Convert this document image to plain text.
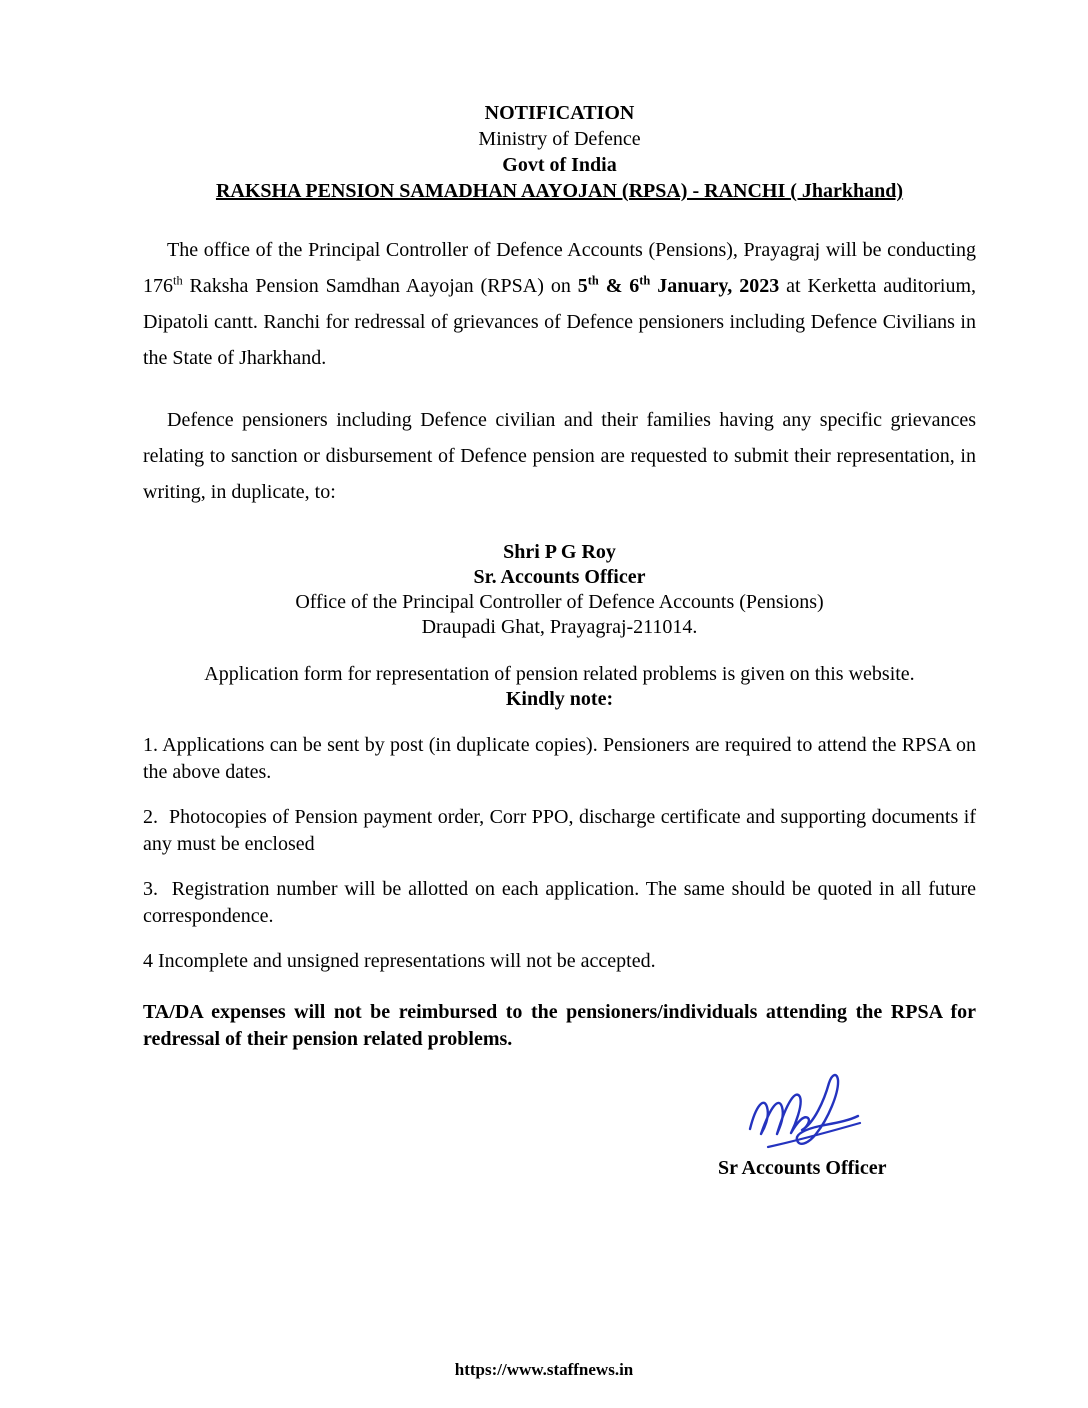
NOTIFICATION
Ministry of Defence
Govt of India
RAKSHA PENSION SAMADHAN AAYOJAN (RPSA) - RANCHI ( Jharkhand)

The office of the Principal Controller of Defence Accounts (Pensions), Prayagraj will be conducting 176th Raksha Pension Samdhan Aayojan (RPSA) on 5th & 6th January, 2023 at Kerketta auditorium, Dipatoli cantt. Ranchi for redressal of grievances of Defence pensioners including Defence Civilians in the State of Jharkhand.

Defence pensioners including Defence civilian and their families having any specific grievances relating to sanction or disbursement of Defence pension are requested to submit their representation, in writing, in duplicate, to:

Shri P G Roy
Sr. Accounts Officer
Office of the Principal Controller of Defence Accounts (Pensions)
Draupadi Ghat, Prayagraj-211014.

Application form for representation of pension related problems is given on this website.

Kindly note:

1. Applications can be sent by post (in duplicate copies). Pensioners are required to attend the RPSA on the above dates.

2.  Photocopies of Pension payment order, Corr PPO, discharge certificate and supporting documents if any must be enclosed

3.  Registration number will be allotted on each application. The same should be quoted in all future correspondence.

4 Incomplete and unsigned representations will not be accepted.

TA/DA expenses will not be reimbursed to the pensioners/individuals attending the RPSA for redressal of their pension related problems.

Sr Accounts Officer
https://www.staffnews.in
